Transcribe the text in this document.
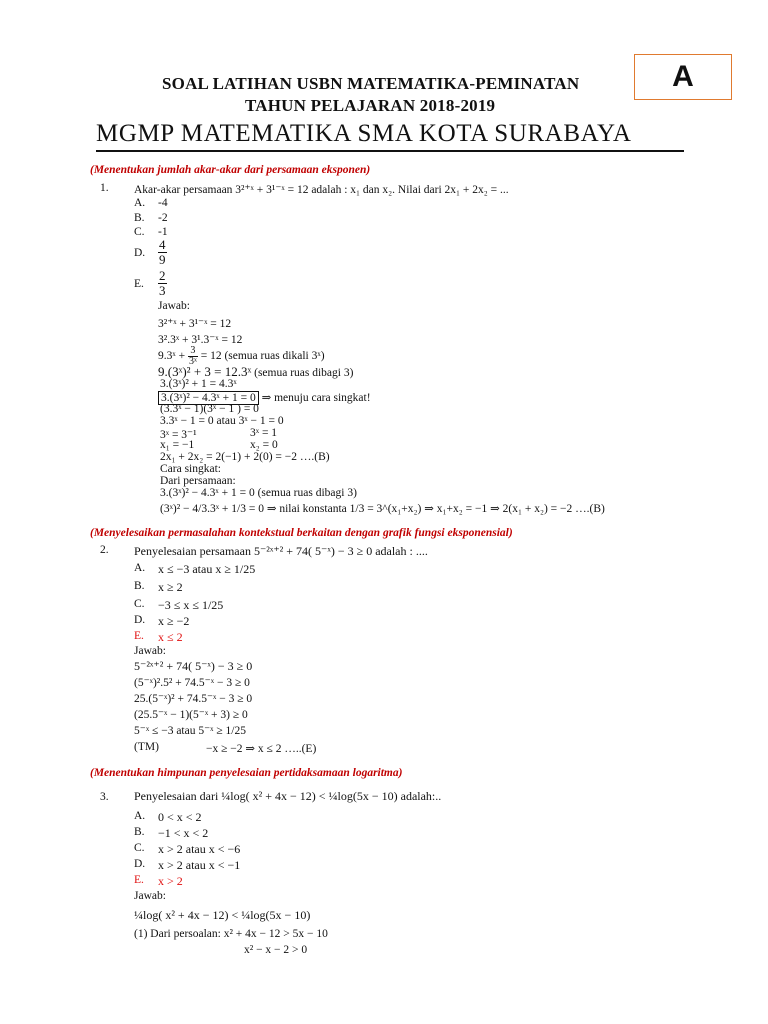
SOAL LATIHAN USBN MATEMATIKA-PEMINATAN
TAHUN PELAJARAN 2018-2019
MGMP MATEMATIKA SMA KOTA SURABAYA
A
(Menentukan jumlah akar-akar dari persamaan eksponen)
1. Akar-akar persamaan 3²⁺ˣ + 3¹⁻ˣ = 12 adalah : x₁ dan x₂. Nilai dari 2x₁ + 2x₂ = ...
A. -4
B. -2
C. -1
D. $\frac{4}{9}$
E. $\frac{2}{3}$
Jawab:
3²⁺ˣ + 3¹⁻ˣ = 12
3².3ˣ + 3¹.3⁻ˣ = 12
9.3ˣ + $\frac{3}{\text{3ˣ}} = 12$ (semua ruas dikali 3ˣ)
9.(3ˣ)² + 3 = 12.3ˣ (semua ruas dibagi 3)
3.(3ˣ)² + 1 = 4.3ˣ
3.(3ˣ)² − 4.3ˣ + 1 = 0 ⇒ menuju cara singkat!
(3.3ˣ − 1)(3ˣ − 1 ) = 0
3.3ˣ − 1 = 0 atau 3ˣ − 1 = 0
3ˣ = 3⁻¹	3ˣ = 1
x₁ = −1	x₂ = 0
2x₁ + 2x₂ = 2(−1) + 2(0) = −2 ….(B)
Cara singkat:
Dari persamaan:
3.(3ˣ)² − 4.3ˣ + 1 = 0 (semua ruas dibagi 3)
(3ˣ)² − 4/3.3ˣ + 1/3 = 0 ⇒ nilai konstanta 1/3 = 3^(x₁+x₂) ⇒ x₁+x₂ = −1 ⇒ 2(x₁ + x₂) = −2 ….(B)
(Menyelesaikan permasalahan kontekstual berkaitan dengan grafik fungsi eksponensial)
2. Penyelesaian persamaan 5⁻²ˣ⁺² + 74( 5⁻ˣ) − 3 ≥ 0 adalah : ....
A. x ≤ −3 atau x ≥ 1/25
B. x ≥ 2
C. −3 ≤ x ≤ 1/25
D. x ≥ −2
E. x ≤ 2
Jawab:
5⁻²ˣ⁺² + 74( 5⁻ˣ) − 3 ≥ 0
(5⁻ˣ)².5² + 74.5⁻ˣ − 3 ≥ 0
25.(5⁻ˣ)² + 74.5⁻ˣ − 3 ≥ 0
(25.5⁻ˣ − 1)(5⁻ˣ + 3) ≥ 0
5⁻ˣ ≤ −3 atau 5⁻ˣ ≥ 1/25
(TM)	−x ≥ −2 ⇒ x ≤ 2 …..(E)
(Menentukan himpunan penyelesaian pertidaksamaan logaritma)
3. Penyelesaian dari ¼log( x² + 4x − 12) < ¼log(5x − 10) adalah:..
A. 0 < x < 2
B. −1 < x < 2
C. x > 2 atau x < −6
D. x > 2 atau x < −1
E. x > 2
Jawab:
¼log( x² + 4x − 12) < ¼log(5x − 10)
(1) Dari persoalan: x² + 4x − 12 > 5x − 10
x² − x − 2 > 0
